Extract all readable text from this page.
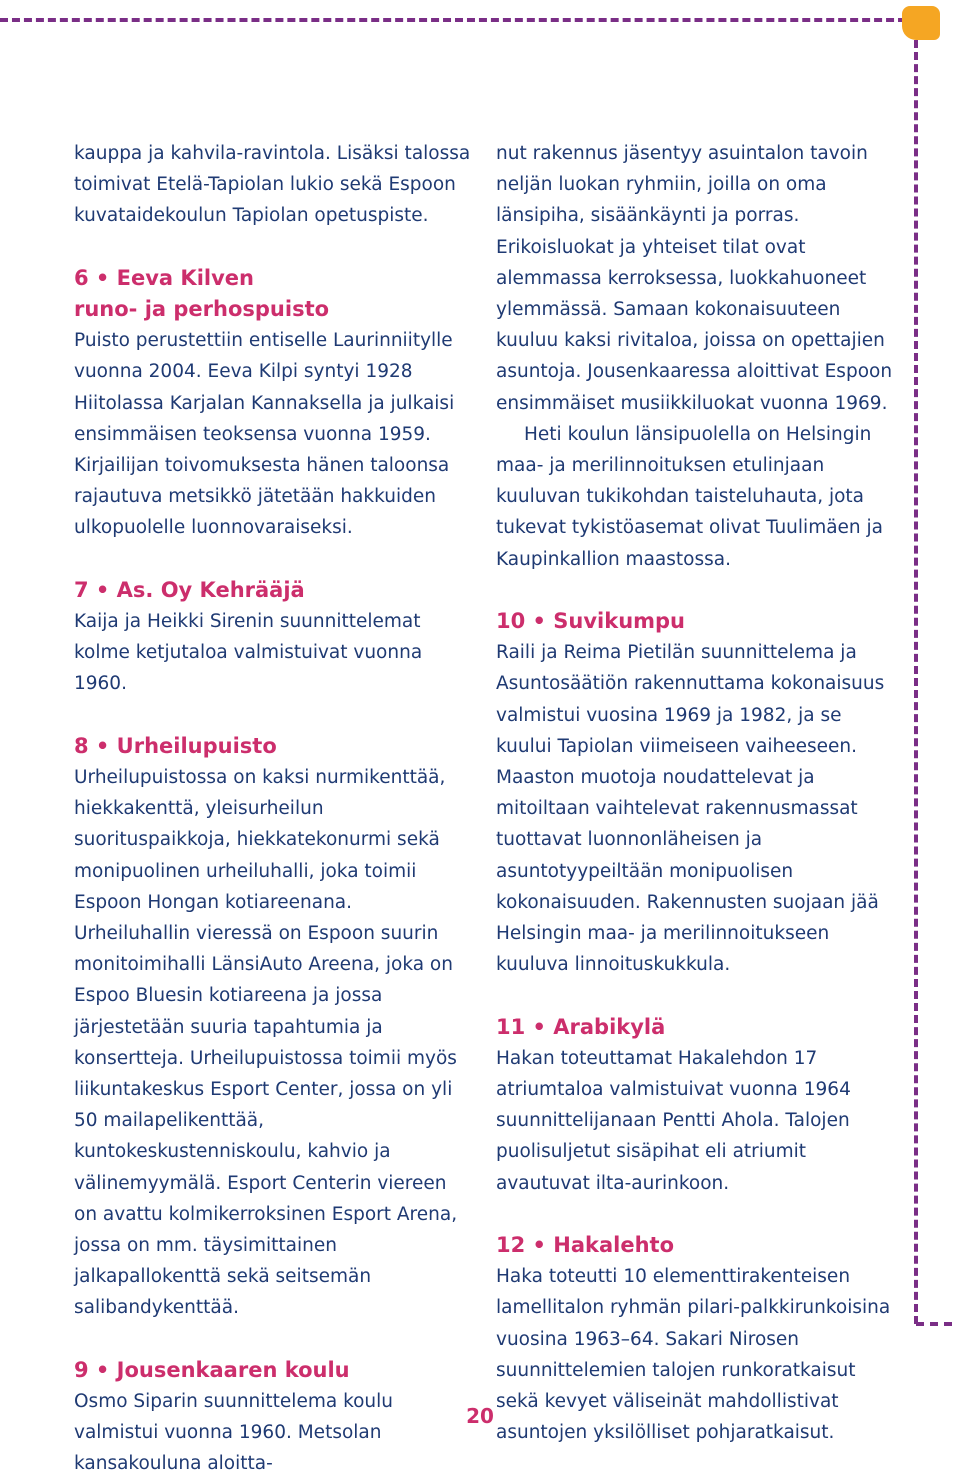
kauppa ja kahvila-ravintola. Lisäksi talossa toimivat Etelä-Tapiolan lukio sekä Espoon kuvataidekoulun Tapiolan opetuspiste.

6 • Eeva Kilven
runo- ja perhospuisto

Puisto perustettiin entiselle Laurinniitylle vuonna 2004. Eeva Kilpi syntyi 1928 Hiitolassa Karjalan Kannaksella ja julkaisi ensimmäisen teoksensa vuonna 1959. Kirjailijan toivomuksesta hänen taloonsa rajautuva metsikkö jätetään hakkuiden ulkopuolelle luonnovaraiseksi.

7 • As. Oy Kehrääjä

Kaija ja Heikki Sirenin suunnittelemat kolme ketjutaloa valmistuivat vuonna 1960.

8 • Urheilupuisto

Urheilupuistossa on kaksi nurmikenttää, hiekkakenttä, yleisurheilun suorituspaikkoja, hiekkatekonurmi sekä monipuolinen urheiluhalli, joka toimii Espoon Hongan kotiareenana. Urheiluhallin vieressä on Espoon suurin monitoimihalli LänsiAuto Areena, joka on Espoo Bluesin kotiareena ja jossa järjestetään suuria tapahtumia ja konsertteja. Urheilupuistossa toimii myös liikuntakeskus Esport Center, jossa on yli 50 mailapelikenttää, kuntokeskustenniskoulu, kahvio ja välinemyymälä. Esport Centerin viereen on avattu kolmikerroksinen Esport Arena, jossa on mm. täysimittainen jalkapallokenttä sekä seitsemän salibandykenttää.

9 • Jousenkaaren koulu

Osmo Siparin suunnittelema koulu valmistui vuonna 1960. Metsolan kansakouluna aloitta-

nut rakennus jäsentyy asuintalon tavoin neljän luokan ryhmiin, joilla on oma länsipiha, sisäänkäynti ja porras. Erikoisluokat ja yhteiset tilat ovat alemmassa kerroksessa, luokkahuoneet ylemmässä. Samaan kokonaisuuteen kuuluu kaksi rivitaloa, joissa on opettajien asuntoja. Jousenkaaressa aloittivat Espoon ensimmäiset musiikkiluokat vuonna 1969.

Heti koulun länsipuolella on Helsingin maa- ja merilinnoituksen etulinjaan kuuluvan tukikohdan taisteluhauta, jota tukevat tykistöasemat olivat Tuulimäen ja Kaupinkallion maastossa.

10 • Suvikumpu

Raili ja Reima Pietilän suunnittelema ja Asuntosäätiön rakennuttama kokonaisuus valmistui vuosina 1969 ja 1982, ja se kuului Tapiolan viimeiseen vaiheeseen. Maaston muotoja noudattelevat ja mitoiltaan vaihtelevat rakennusmassat tuottavat luonnonläheisen ja asuntotyypeiltään monipuolisen kokonaisuuden. Rakennusten suojaan jää Helsingin maa- ja merilinnoitukseen kuuluva linnoituskukkula.

11 • Arabikylä

Hakan toteuttamat Hakalehdon 17 atriumtaloa valmistuivat vuonna 1964 suunnittelijanaan Pentti Ahola. Talojen puolisuljetut sisäpihat eli atriumit avautuvat ilta-aurinkoon.

12 • Hakalehto

Haka toteutti 10 elementtirakenteisen lamellitalon ryhmän pilari-palkkirunkoisina vuosina 1963–64. Sakari Nirosen suunnittelemien talojen runkoratkaisut sekä kevyet väliseinät mahdollistivat asuntojen yksilölliset pohjaratkaisut.

20
